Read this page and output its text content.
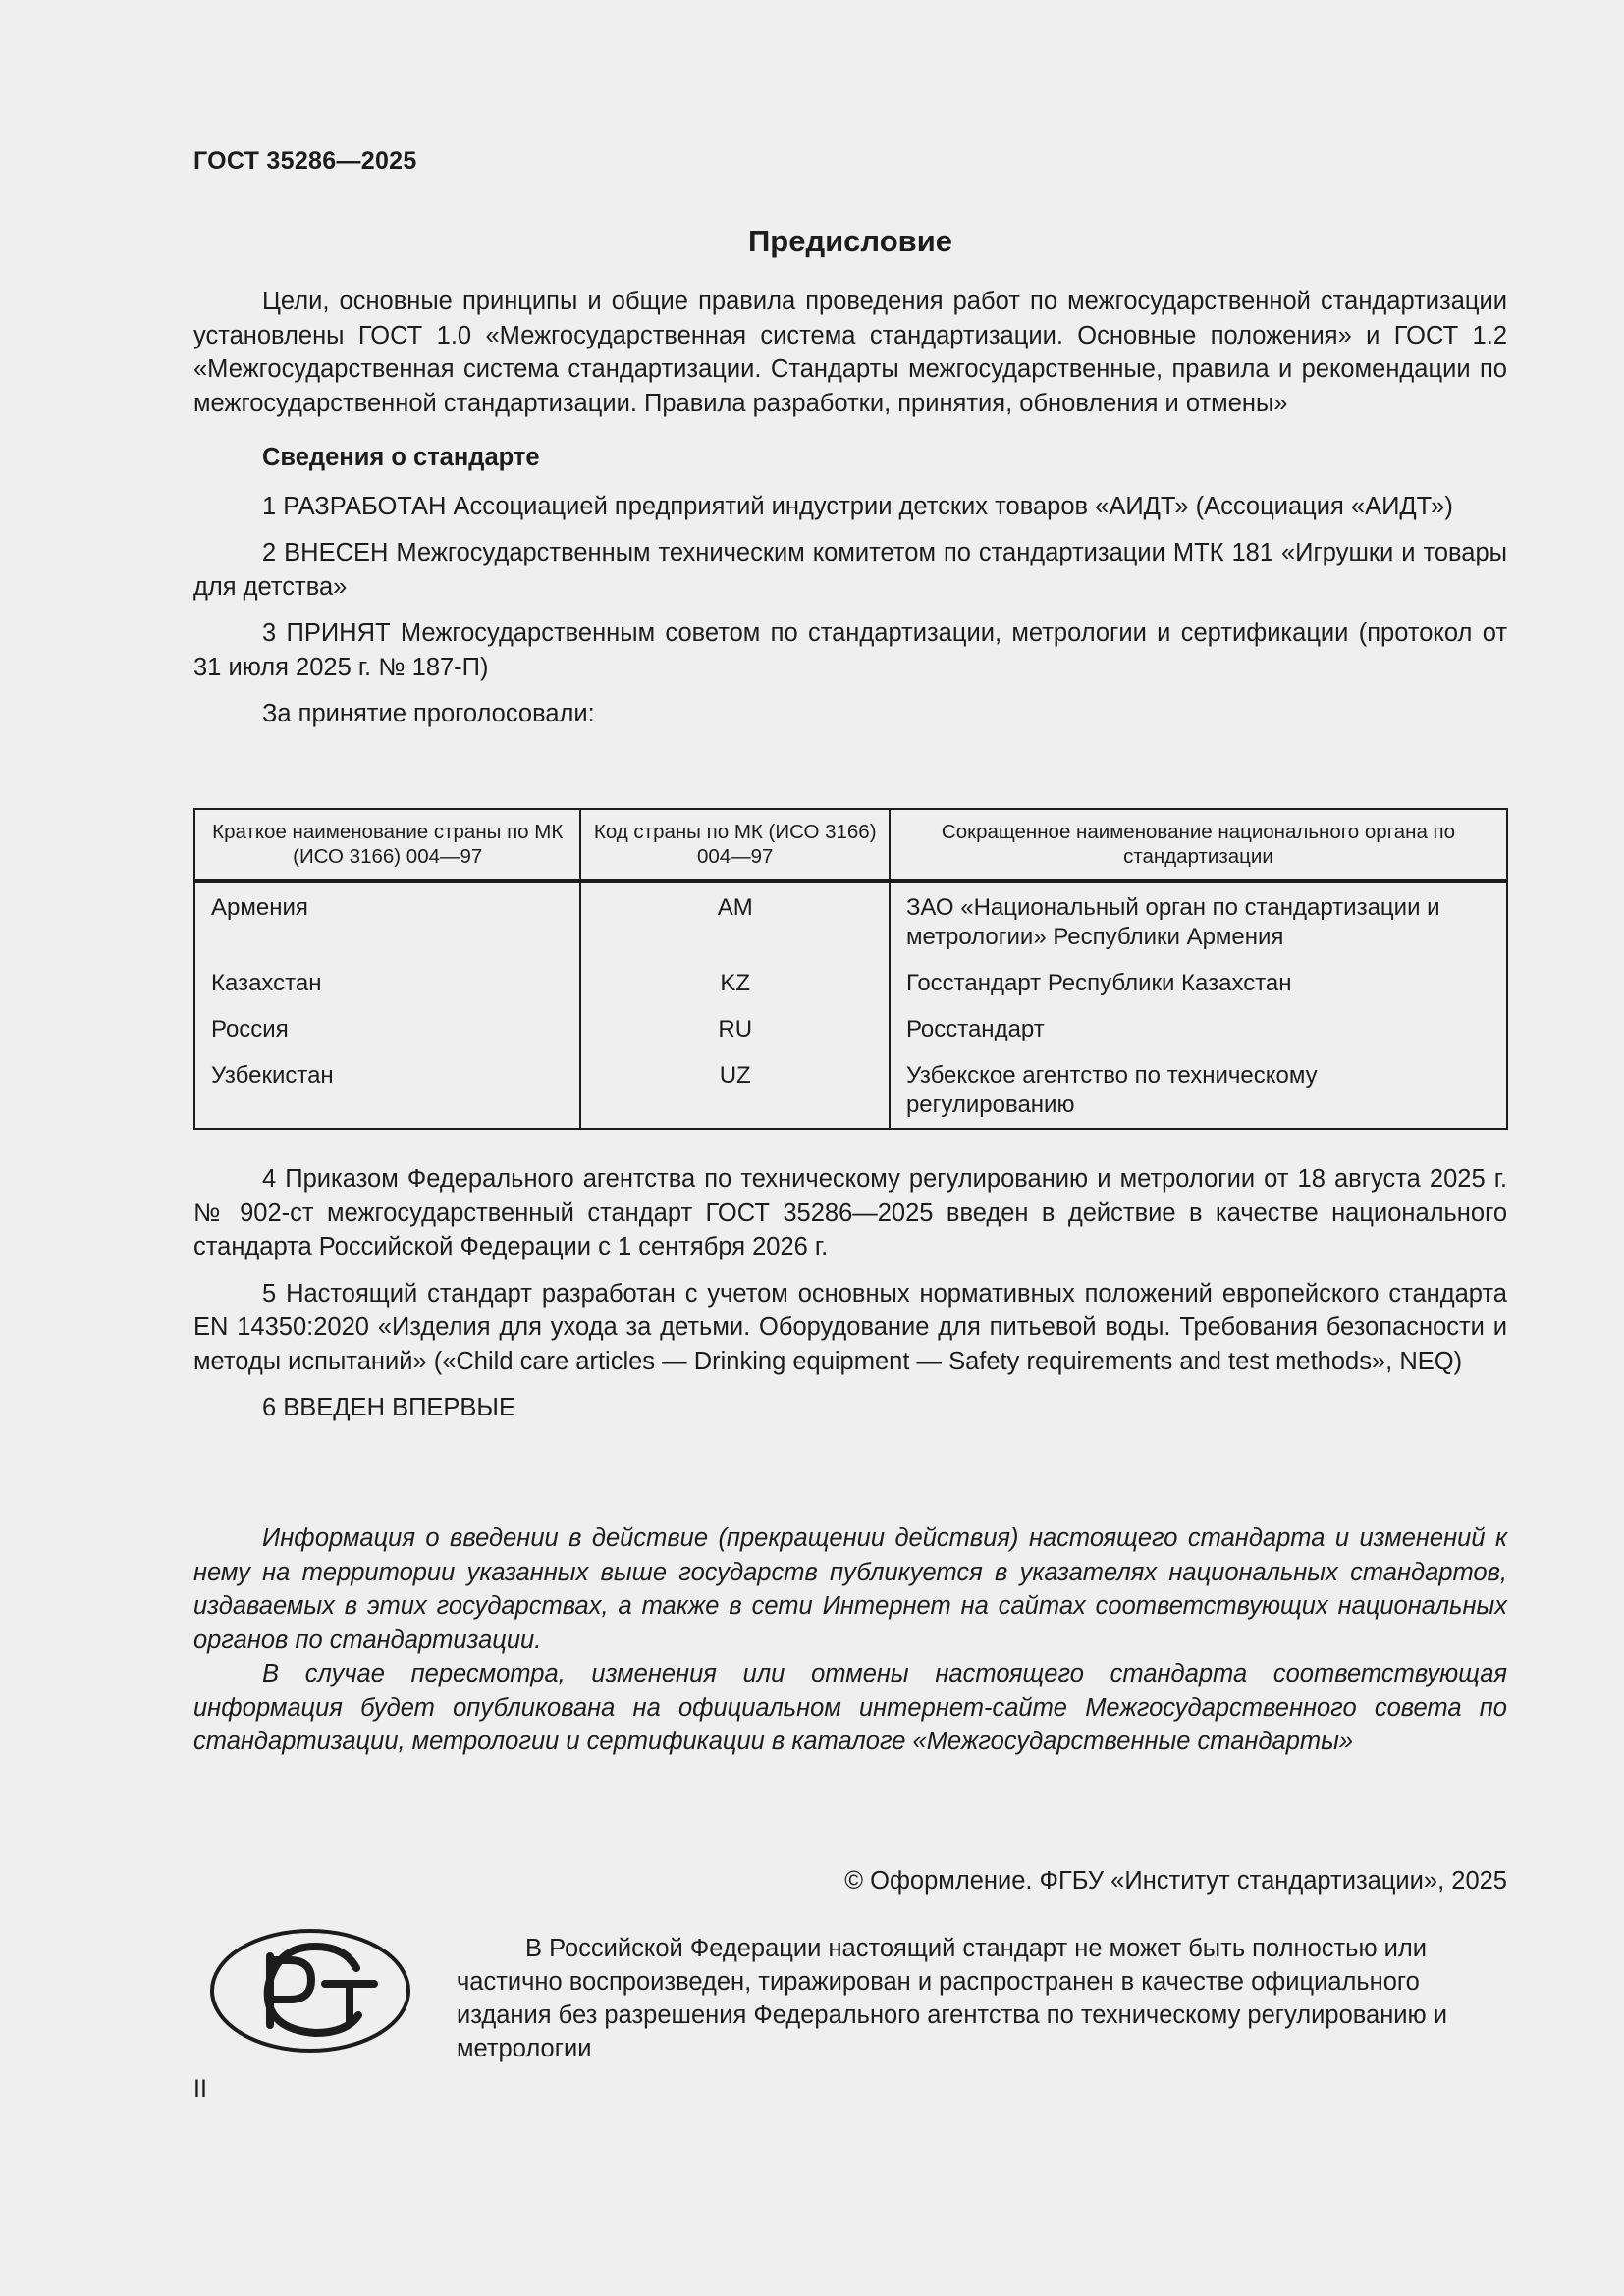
ГОСТ 35286—2025
Предисловие

Цели, основные принципы и общие правила проведения работ по межгосударственной стандартизации установлены ГОСТ 1.0 «Межгосударственная система стандартизации. Основные положения» и ГОСТ 1.2 «Межгосударственная система стандартизации. Стандарты межгосударственные, правила и рекомендации по межгосударственной стандартизации. Правила разработки, принятия, обновления и отмены»

Сведения о стандарте

1 РАЗРАБОТАН Ассоциацией предприятий индустрии детских товаров «АИДТ» (Ассоциация «АИДТ»)

2 ВНЕСЕН Межгосударственным техническим комитетом по стандартизации МТК 181 «Игрушки и товары для детства»

3 ПРИНЯТ Межгосударственным советом по стандартизации, метрологии и сертификации (протокол от 31 июля 2025 г. № 187-П)

За принятие проголосовали:

Краткое наименование страны по МК (ИСО 3166) 004—97	Код страны по МК (ИСО 3166) 004—97	Сокращенное наименование национального органа по стандартизации
Армения	AM	ЗАО «Национальный орган по стандартизации и метрологии» Республики Армения
Казахстан	KZ	Госстандарт Республики Казахстан
Россия	RU	Росстандарт
Узбекистан	UZ	Узбекское агентство по техническому регулированию

4 Приказом Федерального агентства по техническому регулированию и метрологии от 18 августа 2025 г. № 902-ст межгосударственный стандарт ГОСТ 35286—2025 введен в действие в качестве национального стандарта Российской Федерации с 1 сентября 2026 г.

5 Настоящий стандарт разработан с учетом основных нормативных положений европейского стандарта EN 14350:2020 «Изделия для ухода за детьми. Оборудование для питьевой воды. Требования безопасности и методы испытаний» («Child care articles — Drinking equipment — Safety requirements and test methods», NEQ)

6 ВВЕДЕН ВПЕРВЫЕ

Информация о введении в действие (прекращении действия) настоящего стандарта и изменений к нему на территории указанных выше государств публикуется в указателях национальных стандартов, издаваемых в этих государствах, а также в сети Интернет на сайтах соответствующих национальных органов по стандартизации.

В случае пересмотра, изменения или отмены настоящего стандарта соответствующая информация будет опубликована на официальном интернет-сайте Межгосударственного совета по стандартизации, метрологии и сертификации в каталоге «Межгосударственные стандарты»

© Оформление. ФГБУ «Институт стандартизации», 2025

В Российской Федерации настоящий стандарт не может быть полностью или частично воспроизведен, тиражирован и распространен в качестве официального издания без разрешения Федерального агентства по техническому регулированию и метрологии

II
